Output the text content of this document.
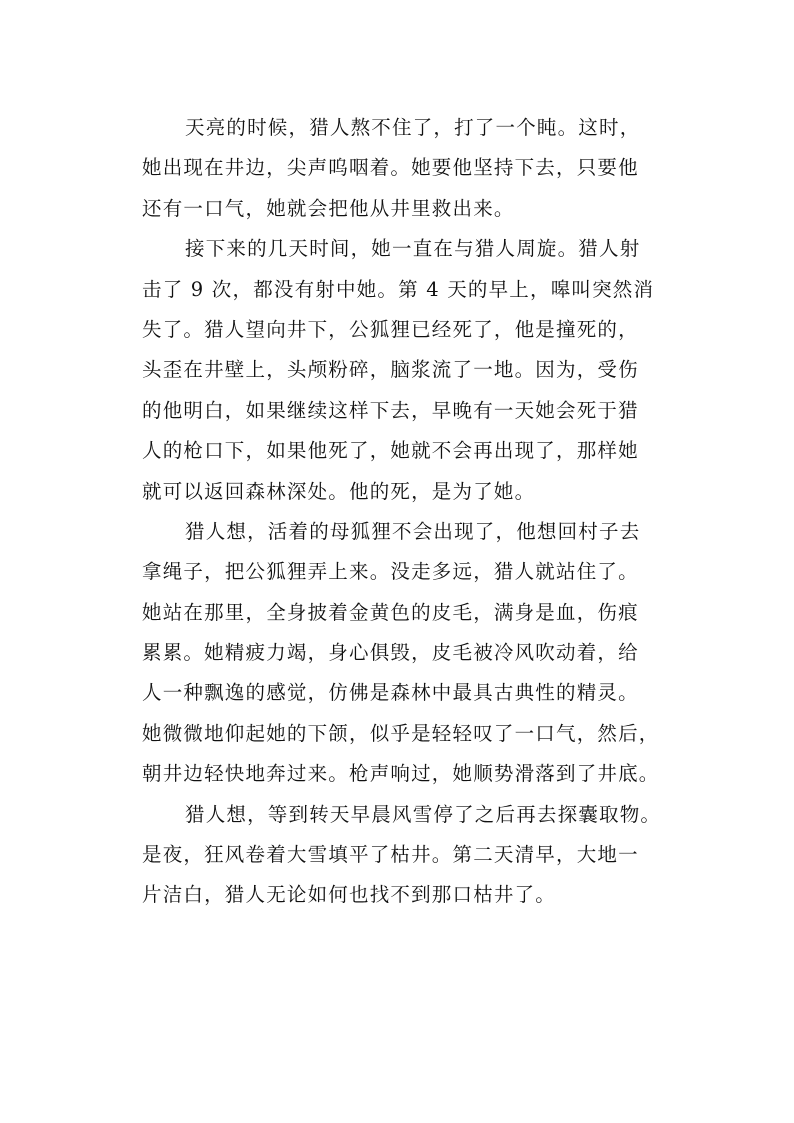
天亮的时候，猎人熬不住了，打了一个盹。这时，
她出现在井边，尖声呜咽着。她要他坚持下去，只要他
还有一口气，她就会把他从井里救出来。
接下来的几天时间，她一直在与猎人周旋。猎人射
击了 9 次，都没有射中她。第 4 天的早上，嗥叫突然消
失了。猎人望向井下，公狐狸已经死了，他是撞死的，
头歪在井壁上，头颅粉碎，脑浆流了一地。因为，受伤
的他明白，如果继续这样下去，早晚有一天她会死于猎
人的枪口下，如果他死了，她就不会再出现了，那样她
就可以返回森林深处。他的死，是为了她。
猎人想，活着的母狐狸不会出现了，他想回村子去
拿绳子，把公狐狸弄上来。没走多远，猎人就站住了。
她站在那里，全身披着金黄色的皮毛，满身是血，伤痕
累累。她精疲力竭，身心俱毁，皮毛被冷风吹动着，给
人一种飘逸的感觉，仿佛是森林中最具古典性的精灵。
她微微地仰起她的下颌，似乎是轻轻叹了一口气，然后，
朝井边轻快地奔过来。枪声响过，她顺势滑落到了井底。
猎人想，等到转天早晨风雪停了之后再去探囊取物。
是夜，狂风卷着大雪填平了枯井。第二天清早，大地一
片洁白，猎人无论如何也找不到那口枯井了。
